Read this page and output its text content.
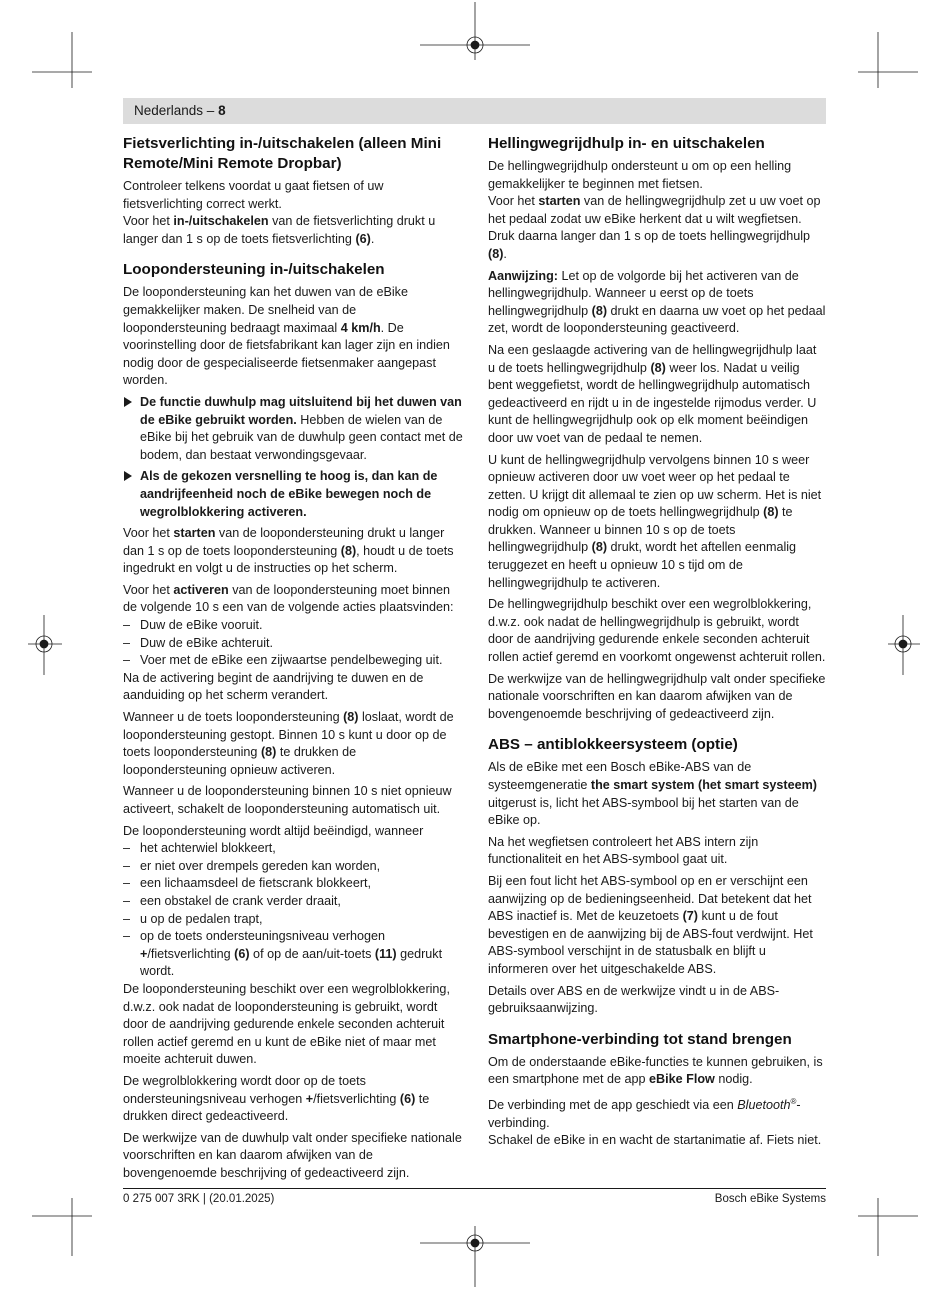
Nederlands – 8
Fietsverlichting in-/uitschakelen (alleen Mini Remote/Mini Remote Dropbar)
Controleer telkens voordat u gaat fietsen of uw fietsverlichting correct werkt.
Voor het in-/uitschakelen van de fietsverlichting drukt u langer dan 1 s op de toets fietsverlichting (6).
Loopondersteuning in-/uitschakelen
De loopondersteuning kan het duwen van de eBike gemakkelijker maken. De snelheid van de loopondersteuning bedraagt maximaal 4 km/h. De voorinstelling door de fietsfabrikant kan lager zijn en indien nodig door de gespecialiseerde fietsenmaker aangepast worden.
De functie duwhulp mag uitsluitend bij het duwen van de eBike gebruikt worden. Hebben de wielen van de eBike bij het gebruik van de duwhulp geen contact met de bodem, dan bestaat verwondingsgevaar.
Als de gekozen versnelling te hoog is, dan kan de aandrijfeenheid noch de eBike bewegen noch de wegrolblokkering activeren.
Voor het starten van de loopondersteuning drukt u langer dan 1 s op de toets loopondersteuning (8), houdt u de toets ingedrukt en volgt u de instructies op het scherm.
Voor het activeren van de loopondersteuning moet binnen de volgende 10 s een van de volgende acties plaatsvinden:
– Duw de eBike vooruit.
– Duw de eBike achteruit.
– Voer met de eBike een zijwaartse pendelbeweging uit.
Na de activering begint de aandrijving te duwen en de aanduiding op het scherm verandert.
Wanneer u de toets loopondersteuning (8) loslaat, wordt de loopondersteuning gestopt. Binnen 10 s kunt u door op de toets loopondersteuning (8) te drukken de loopondersteuning opnieuw activeren.
Wanneer u de loopondersteuning binnen 10 s niet opnieuw activeert, schakelt de loopondersteuning automatisch uit.
De loopondersteuning wordt altijd beëindigd, wanneer
– het achterwiel blokkeert,
– er niet over drempels gereden kan worden,
– een lichaamsdeel de fietscrank blokkeert,
– een obstakel de crank verder draait,
– u op de pedalen trapt,
– op de toets ondersteuningsniveau verhogen +/fietsverlichting (6) of op de aan/uit-toets (11) gedrukt wordt.
De loopondersteuning beschikt over een wegrolblokkering, d.w.z. ook nadat de loopondersteuning is gebruikt, wordt door de aandrijving gedurende enkele seconden achteruit rollen actief geremd en u kunt de eBike niet of maar met moeite achteruit duwen.
De wegrolblokkering wordt door op de toets ondersteuningsniveau verhogen +/fietsverlichting (6) te drukken direct gedeactiveerd.
De werkwijze van de duwhulp valt onder specifieke nationale voorschriften en kan daarom afwijken van de bovengenoemde beschrijving of gedeactiveerd zijn.
Hellingwegrijdhulp in- en uitschakelen
De hellingwegrijdhulp ondersteunt u om op een helling gemakkelijker te beginnen met fietsen.
Voor het starten van de hellingwegrijdhulp zet u uw voet op het pedaal zodat uw eBike herkent dat u wilt wegfietsen. Druk daarna langer dan 1 s op de toets hellingwegrijdhulp (8).
Aanwijzing: Let op de volgorde bij het activeren van de hellingwegrijdhulp. Wanneer u eerst op de toets hellingwegrijdhulp (8) drukt en daarna uw voet op het pedaal zet, wordt de loopondersteuning geactiveerd.
Na een geslaagde activering van de hellingwegrijdhulp laat u de toets hellingwegrijdhulp (8) weer los. Nadat u veilig bent weggefietst, wordt de hellingwegrijdhulp automatisch gedeactiveerd en rijdt u in de ingestelde rijmodus verder. U kunt de hellingwegrijdhulp ook op elk moment beëindigen door uw voet van de pedaal te nemen.
U kunt de hellingwegrijdhulp vervolgens binnen 10 s weer opnieuw activeren door uw voet weer op het pedaal te zetten. U krijgt dit allemaal te zien op uw scherm. Het is niet nodig om opnieuw op de toets hellingwegrijdhulp (8) te drukken. Wanneer u binnen 10 s op de toets hellingwegrijdhulp (8) drukt, wordt het aftellen eenmalig teruggezet en heeft u opnieuw 10 s tijd om de hellingwegrijdhulp te activeren.
De hellingwegrijdhulp beschikt over een wegrolblokkering, d.w.z. ook nadat de hellingwegrijdhulp is gebruikt, wordt door de aandrijving gedurende enkele seconden achteruit rollen actief geremd en voorkomt ongewenst achteruit rollen.
De werkwijze van de hellingwegrijdhulp valt onder specifieke nationale voorschriften en kan daarom afwijken van de bovengenoemde beschrijving of gedeactiveerd zijn.
ABS – antiblokkeersysteem (optie)
Als de eBike met een Bosch eBike-ABS van de systeemgeneratie the smart system (het smart systeem) uitgerust is, licht het ABS-symbool bij het starten van de eBike op.
Na het wegfietsen controleert het ABS intern zijn functionaliteit en het ABS-symbool gaat uit.
Bij een fout licht het ABS-symbool op en er verschijnt een aanwijzing op de bedieningseenheid. Dat betekent dat het ABS inactief is. Met de keuzetoets (7) kunt u de fout bevestigen en de aanwijzing bij de ABS-fout verdwijnt. Het ABS-symbool verschijnt in de statusbalk en blijft u informeren over het uitgeschakelde ABS.
Details over ABS en de werkwijze vindt u in de ABS-gebruiksaanwijzing.
Smartphone-verbinding tot stand brengen
Om de onderstaande eBike-functies te kunnen gebruiken, is een smartphone met de app eBike Flow nodig.
De verbinding met de app geschiedt via een Bluetooth®-verbinding.
Schakel de eBike in en wacht de startanimatie af. Fiets niet.
0 275 007 3RK | (20.01.2025)	Bosch eBike Systems
